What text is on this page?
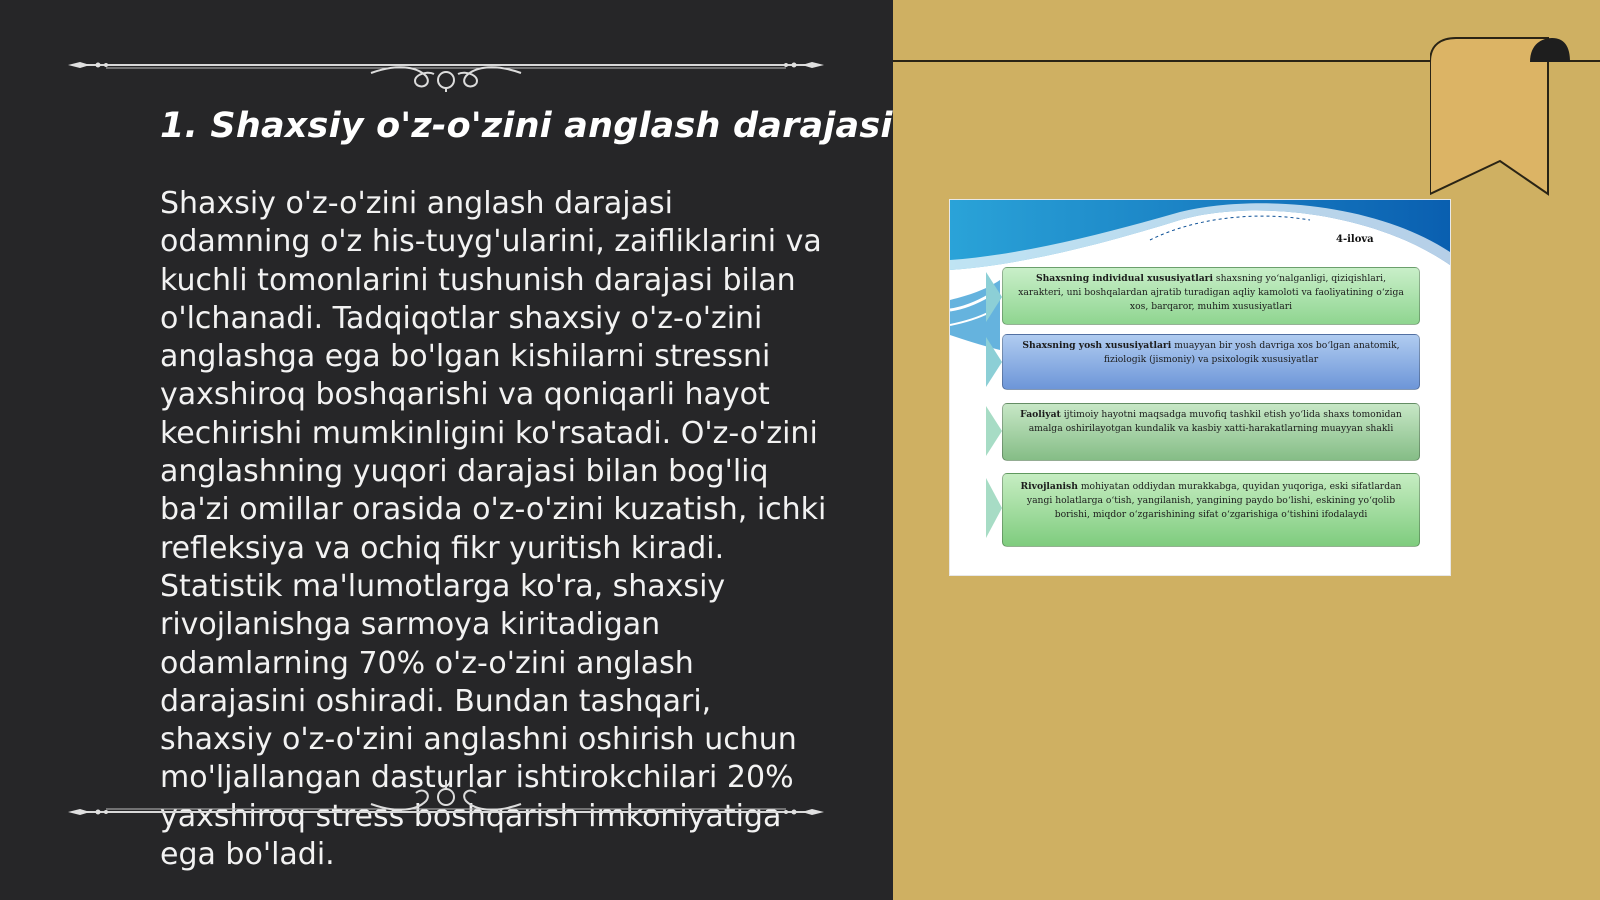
1. Shaxsiy o'z-o'zini anglash darajasi

Shaxsiy o'z-o'zini anglash darajasi odamning o'z his-tuyg'ularini, zaifliklarini va kuchli tomonlarini tushunish darajasi bilan o'lchanadi. Tadqiqotlar shaxsiy o'z-o'zini anglashga ega bo'lgan kishilarni stressni yaxshiroq boshqarishi va qoniqarli hayot kechirishi mumkinligini ko'rsatadi. O'z-o'zini anglashning yuqori darajasi bilan bog'liq ba'zi omillar orasida o'z-o'zini kuzatish, ichki refleksiya va ochiq fikr yuritish kiradi. Statistik ma'lumotlarga ko'ra, shaxsiy rivojlanishga sarmoya kiritadigan odamlarning 70% o'z-o'zini anglash darajasini oshiradi. Bundan tashqari, shaxsiy o'z-o'zini anglashni oshirish uchun mo'ljallangan dasturlar ishtirokchilari 20% yaxshiroq stress boshqarish imkoniyatiga ega bo'ladi.

4-ilova
Shaxsning individual xususiyatlari shaxsning yo‘nalganligi, qiziqishlari, xarakteri, uni boshqalardan ajratib turadigan aqliy kamoloti va faoliyatining o‘ziga xos, barqaror, muhim xususiyatlari
Shaxsning yosh xususiyatlari muayyan bir yosh davriga xos bo‘lgan anatomik, fiziologik (jismoniy) va psixologik xususiyatlar
Faoliyat ijtimoiy hayotni maqsadga muvofiq tashkil etish yo‘lida shaxs tomonidan amalga oshirilayotgan kundalik va kasbiy xatti-harakatlarning muayyan shakli
Rivojlanish mohiyatan oddiydan murakkabga, quyidan yuqoriga, eski sifatlardan yangi holatlarga o‘tish, yangilanish, yangining paydo bo‘lishi, eskining yo‘qolib borishi, miqdor o‘zgarishining sifat o‘zgarishiga o‘tishini ifodalaydi
